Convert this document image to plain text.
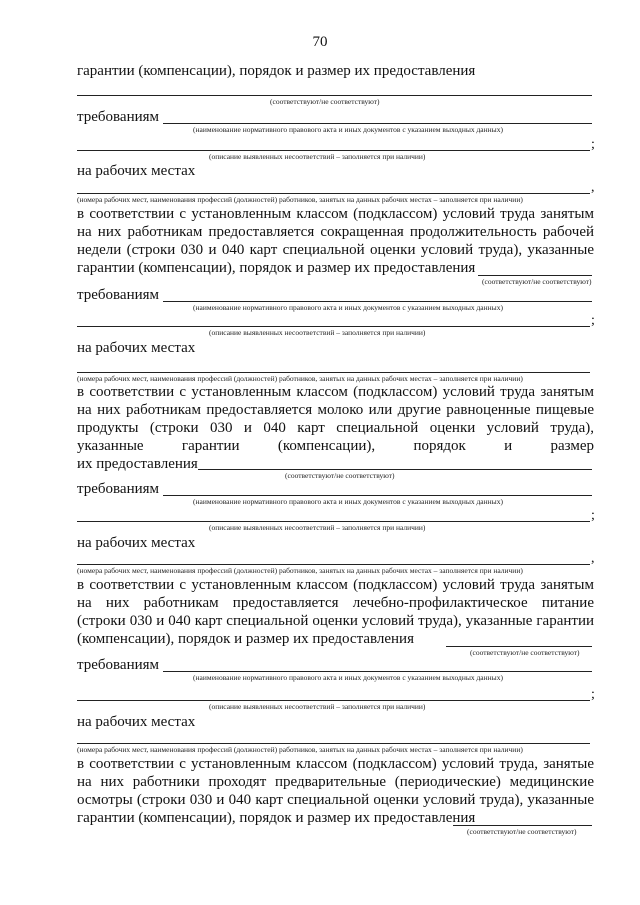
70
гарантии (компенсации), порядок и размер их предоставления
(соответствуют/не соответствуют)
требованиям
(наименование нормативного правового акта и иных документов с указанием выходных данных)
;
(описание выявленных несоответствий – заполняется при наличии)
на рабочих местах
,
(номера рабочих мест, наименования профессий (должностей) работников, занятых на данных рабочих местах – заполняется при наличии)
в соответствии с установленным классом (подклассом) условий труда занятым
на них работникам предоставляется сокращенная продолжительность рабочей
недели (строки 030 и 040 карт специальной оценки условий труда), указанные
гарантии (компенсации), порядок и размер их предоставления
(соответствуют/не соответствуют)
требованиям
(наименование нормативного правового акта и иных документов с указанием выходных данных)
;
(описание выявленных несоответствий – заполняется при наличии)
на рабочих местах
(номера рабочих мест, наименования профессий (должностей) работников, занятых на данных рабочих местах – заполняется при наличии)
в соответствии с установленным классом (подклассом) условий труда занятым
на них работникам предоставляется молоко или другие равноценные пищевые
продукты (строки 030 и 040 карт специальной оценки условий труда),
указанные гарантии (компенсации), порядок и размер
их предоставления
(соответствуют/не соответствуют)
требованиям
(наименование нормативного правового акта и иных документов с указанием выходных данных)
;
(описание выявленных несоответствий – заполняется при наличии)
на рабочих местах
,
(номера рабочих мест, наименования профессий (должностей) работников, занятых на данных рабочих местах – заполняется при наличии)
в соответствии с установленным классом (подклассом) условий труда занятым
на них работникам предоставляется лечебно-профилактическое питание
(строки 030 и 040 карт специальной оценки условий труда), указанные гарантии
(компенсации), порядок и размер их предоставления
(соответствуют/не соответствуют)
требованиям
(наименование нормативного правового акта и иных документов с указанием выходных данных)
;
(описание выявленных несоответствий – заполняется при наличии)
на рабочих местах
(номера рабочих мест, наименования профессий (должностей) работников, занятых на данных рабочих местах – заполняется при наличии)
в соответствии с установленным классом (подклассом) условий труда, занятые
на них работники проходят предварительные (периодические) медицинские
осмотры (строки 030 и 040 карт специальной оценки условий труда), указанные
гарантии (компенсации), порядок и размер их предоставления
(соответствуют/не соответствуют)
